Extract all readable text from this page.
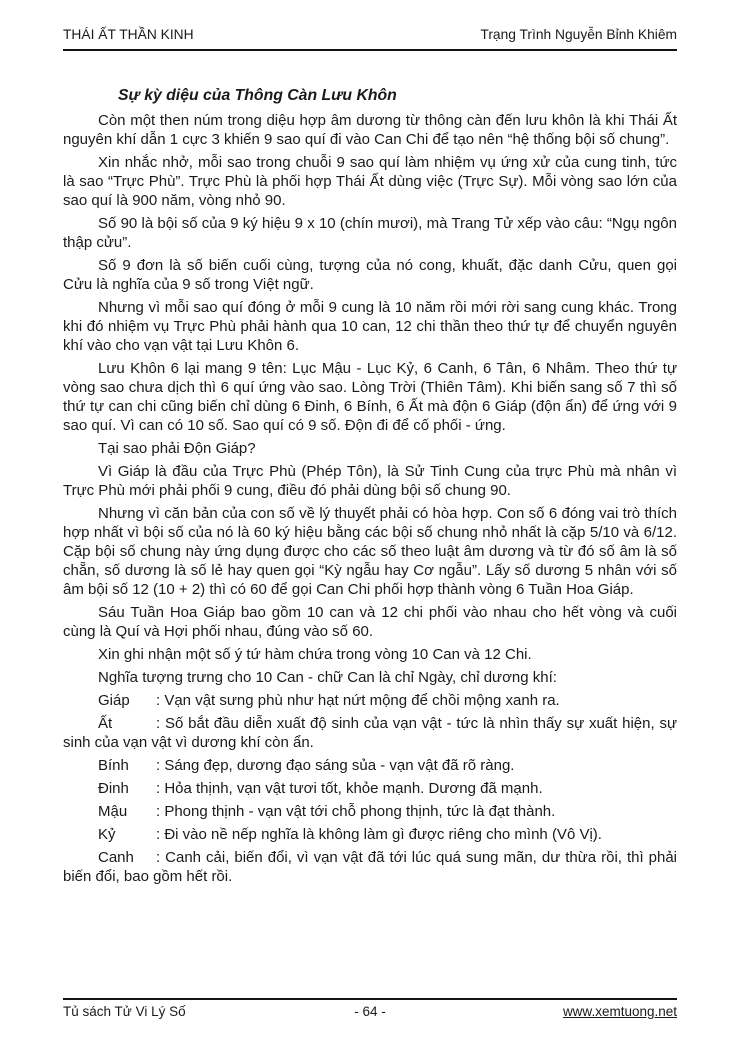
THÁI ẤT THẦN KINH	Trạng Trình Nguyễn Bỉnh Khiêm

Sự kỳ diệu của Thông Càn Lưu Khôn

Còn một then núm trong diệu hợp âm dương từ thông càn đến lưu khôn là khi Thái Ất nguyên khí dẫn 1 cực 3 khiến 9 sao quí đi vào Can Chi để tạo nên “hệ thống bội số chung”.

Xin nhắc nhở, mỗi sao trong chuỗi 9 sao quí làm nhiệm vụ ứng xử của cung tinh, tức là sao “Trực Phù”. Trực Phù là phối hợp Thái Ất dùng việc (Trực Sự). Mỗi vòng sao lớn của sao quí là 900 năm, vòng nhỏ 90.

Số 90 là bội số của 9 ký hiệu 9 x 10 (chín mươi), mà Trang Tử xếp vào câu: “Ngụ ngôn thập cửu”.

Số 9 đơn là số biến cuối cùng, tượng của nó cong, khuất, đặc danh Cửu, quen gọi Cửu là nghĩa của 9 số trong Việt ngữ.

Nhưng vì mỗi sao quí đóng ở mỗi 9 cung là 10 năm rồi mới rời sang cung khác. Trong khi đó nhiệm vụ Trực Phù phải hành qua 10 can, 12 chi thần theo thứ tự để chuyển nguyên khí vào cho vạn vật tại Lưu Khôn 6.

Lưu Khôn 6 lại mang 9 tên: Lục Mậu - Lục Kỷ, 6 Canh, 6 Tân, 6 Nhâm. Theo thứ tự vòng sao chưa dịch thì 6 quí ứng vào sao. Lòng Trời (Thiên Tâm). Khi biến sang số 7 thì số thứ tự can chi cũng biến chỉ dùng 6 Đinh, 6 Bính, 6 Ất mà độn 6 Giáp (độn ẩn) để ứng với 9 sao quí. Vì can có 10 số. Sao quí có 9 số. Độn đi để cố phối - ứng.

Tại sao phải Độn Giáp?

Vì Giáp là đầu của Trực Phù (Phép Tôn), là Sử Tinh Cung của trực Phù mà nhân vì Trực Phù mới phải phối 9 cung, điều đó phải dùng bội số chung 90.

Nhưng vì căn bản của con số về lý thuyết phải có hòa hợp. Con số 6 đóng vai trò thích hợp nhất vì bội số của nó là 60 ký hiệu bằng các bội số chung nhỏ nhất là cặp 5/10 và 6/12. Cặp bội số chung này ứng dụng được cho các số theo luật âm dương và từ đó số âm là số chẵn, số dương là số lẻ hay quen gọi “Kỳ ngẫu hay Cơ ngẫu”. Lấy số dương 5 nhân với số âm bội số 12 (10 + 2) thì có 60 để gọi Can Chi phối hợp thành vòng 6 Tuần Hoa Giáp.

Sáu Tuần Hoa Giáp bao gồm 10 can và 12 chi phối vào nhau cho hết vòng và cuối cùng là Quí và Hợi phối nhau, đúng vào số 60.

Xin ghi nhận một số ý tứ hàm chứa trong vòng 10 Can và 12 Chi.

Nghĩa tượng trưng cho 10 Can - chữ Can là chỉ Ngày, chỉ dương khí:

Giáp : Vạn vật sưng phù như hạt nứt mộng để chồi mộng xanh ra.

Ất	: Số bắt đầu diễn xuất độ sinh của vạn vật - tức là nhìn thấy sự xuất hiện, sự sinh của vạn vật vì dương khí còn ẩn.

Bính : Sáng đẹp, dương đạo sáng sủa - vạn vật đã rõ ràng.

Đinh : Hỏa thịnh, vạn vật tươi tốt, khỏe mạnh. Dương đã mạnh.

Mậu : Phong thịnh - vạn vật tới chỗ phong thịnh, tức là đạt thành.

Kỷ	: Đi vào nề nếp nghĩa là không làm gì được riêng cho mình (Vô Vị).

Canh : Canh cải, biến đổi, vì vạn vật đã tới lúc quá sung mãn, dư thừa rồi, thì phải biến đổi, bao gồm hết rồi.

- 64 -
Tủ sách Tử Vi Lý Số	www.xemtuong.net
